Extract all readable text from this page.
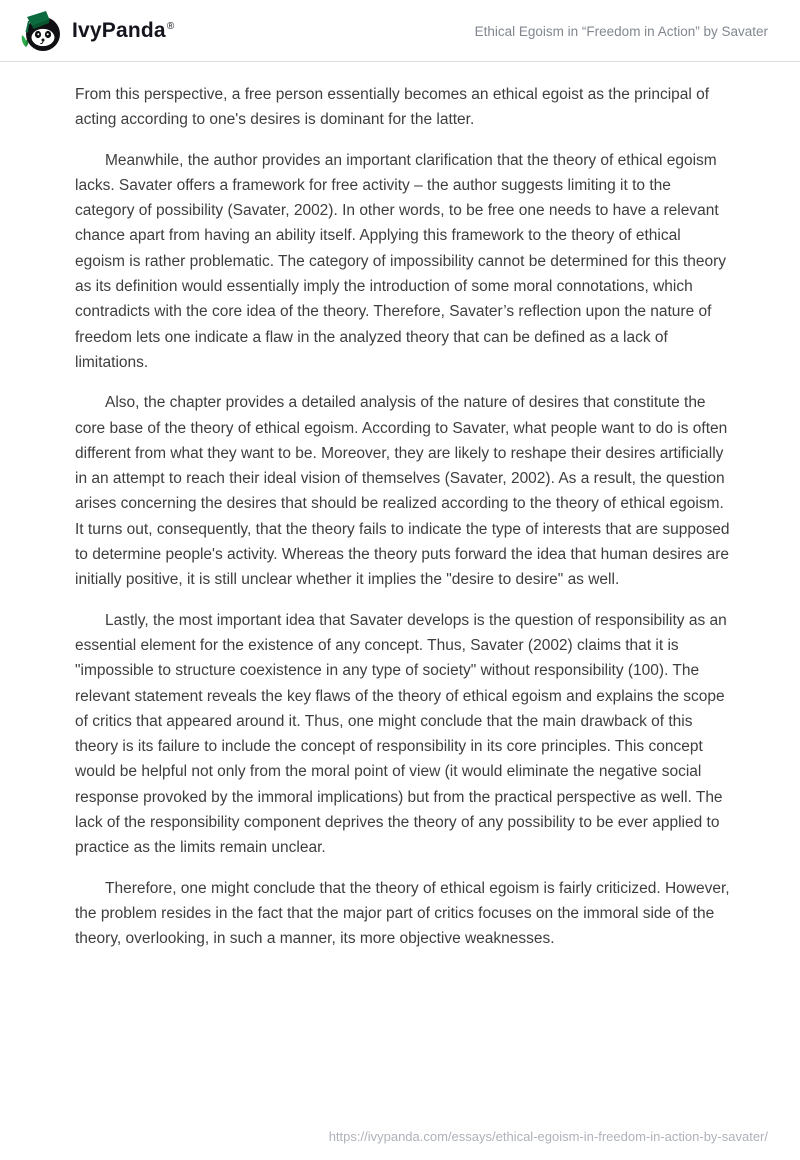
IvyPanda®	Ethical Egoism in “Freedom in Action” by Savater

From this perspective, a free person essentially becomes an ethical egoist as the principal of acting according to one's desires is dominant for the latter.

Meanwhile, the author provides an important clarification that the theory of ethical egoism lacks. Savater offers a framework for free activity – the author suggests limiting it to the category of possibility (Savater, 2002). In other words, to be free one needs to have a relevant chance apart from having an ability itself. Applying this framework to the theory of ethical egoism is rather problematic. The category of impossibility cannot be determined for this theory as its definition would essentially imply the introduction of some moral connotations, which contradicts with the core idea of the theory. Therefore, Savater’s reflection upon the nature of freedom lets one indicate a flaw in the analyzed theory that can be defined as a lack of limitations.

Also, the chapter provides a detailed analysis of the nature of desires that constitute the core base of the theory of ethical egoism. According to Savater, what people want to do is often different from what they want to be. Moreover, they are likely to reshape their desires artificially in an attempt to reach their ideal vision of themselves (Savater, 2002). As a result, the question arises concerning the desires that should be realized according to the theory of ethical egoism. It turns out, consequently, that the theory fails to indicate the type of interests that are supposed to determine people's activity. Whereas the theory puts forward the idea that human desires are initially positive, it is still unclear whether it implies the "desire to desire" as well.

Lastly, the most important idea that Savater develops is the question of responsibility as an essential element for the existence of any concept. Thus, Savater (2002) claims that it is "impossible to structure coexistence in any type of society" without responsibility (100). The relevant statement reveals the key flaws of the theory of ethical egoism and explains the scope of critics that appeared around it. Thus, one might conclude that the main drawback of this theory is its failure to include the concept of responsibility in its core principles. This concept would be helpful not only from the moral point of view (it would eliminate the negative social response provoked by the immoral implications) but from the practical perspective as well. The lack of the responsibility component deprives the theory of any possibility to be ever applied to practice as the limits remain unclear.

Therefore, one might conclude that the theory of ethical egoism is fairly criticized. However, the problem resides in the fact that the major part of critics focuses on the immoral side of the theory, overlooking, in such a manner, its more objective weaknesses.

https://ivypanda.com/essays/ethical-egoism-in-freedom-in-action-by-savater/
